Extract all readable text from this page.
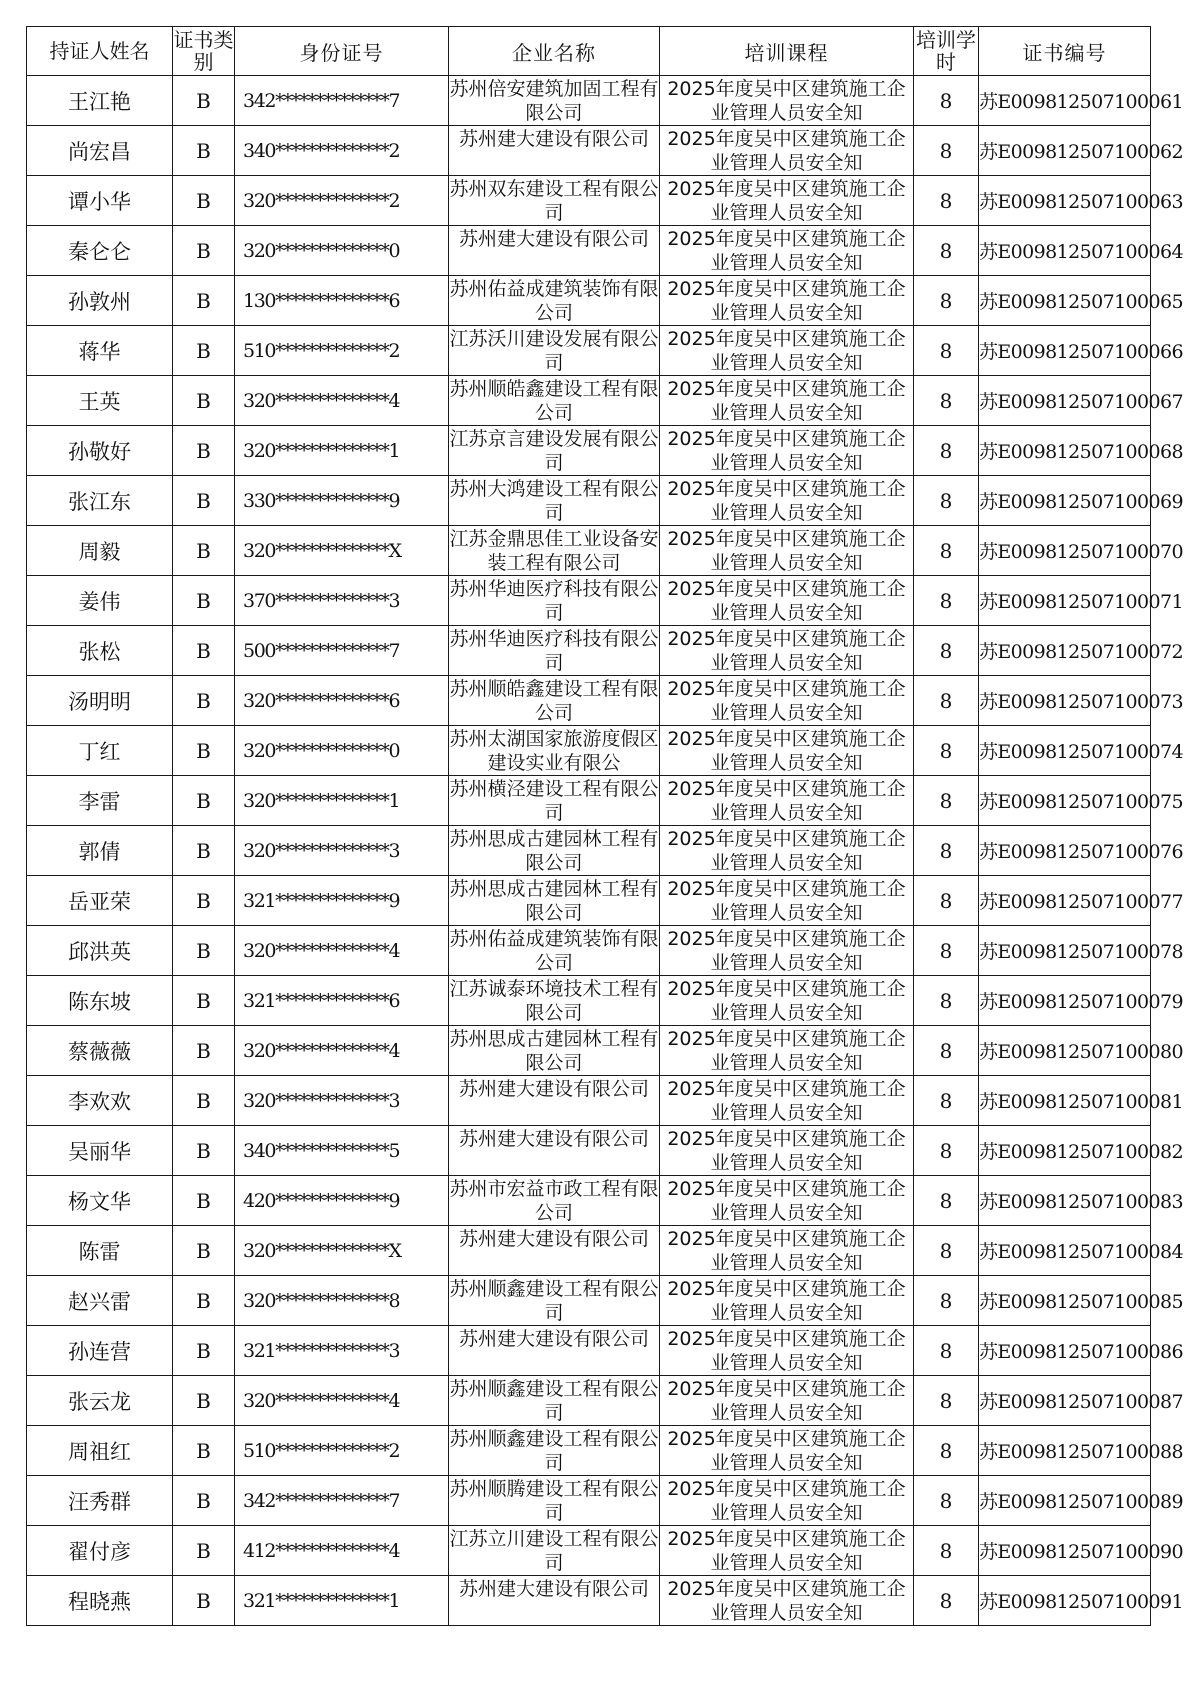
持证人姓名	证书类别	身份证号	企业名称	培训课程	培训学时	证书编号
王江艳	B	342**************7	苏州倍安建筑加固工程有限公司	2025年度吴中区建筑施工企业管理人员安全知	8	苏E009812507100061
尚宏昌	B	340**************2	苏州建大建设有限公司	2025年度吴中区建筑施工企业管理人员安全知	8	苏E009812507100062
谭小华	B	320**************2	苏州双东建设工程有限公司	2025年度吴中区建筑施工企业管理人员安全知	8	苏E009812507100063
秦仑仑	B	320**************0	苏州建大建设有限公司	2025年度吴中区建筑施工企业管理人员安全知	8	苏E009812507100064
孙敦州	B	130**************6	苏州佑益成建筑装饰有限公司	2025年度吴中区建筑施工企业管理人员安全知	8	苏E009812507100065
蒋华	B	510**************2	江苏沃川建设发展有限公司	2025年度吴中区建筑施工企业管理人员安全知	8	苏E009812507100066
王英	B	320**************4	苏州顺皓鑫建设工程有限公司	2025年度吴中区建筑施工企业管理人员安全知	8	苏E009812507100067
孙敬好	B	320**************1	江苏京言建设发展有限公司	2025年度吴中区建筑施工企业管理人员安全知	8	苏E009812507100068
张江东	B	330**************9	苏州大鸿建设工程有限公司	2025年度吴中区建筑施工企业管理人员安全知	8	苏E009812507100069
周毅	B	320**************X	江苏金鼎思佳工业设备安装工程有限公司	2025年度吴中区建筑施工企业管理人员安全知	8	苏E009812507100070
姜伟	B	370**************3	苏州华迪医疗科技有限公司	2025年度吴中区建筑施工企业管理人员安全知	8	苏E009812507100071
张松	B	500**************7	苏州华迪医疗科技有限公司	2025年度吴中区建筑施工企业管理人员安全知	8	苏E009812507100072
汤明明	B	320**************6	苏州顺皓鑫建设工程有限公司	2025年度吴中区建筑施工企业管理人员安全知	8	苏E009812507100073
丁红	B	320**************0	苏州太湖国家旅游度假区建设实业有限公	2025年度吴中区建筑施工企业管理人员安全知	8	苏E009812507100074
李雷	B	320**************1	苏州横泾建设工程有限公司	2025年度吴中区建筑施工企业管理人员安全知	8	苏E009812507100075
郭倩	B	320**************3	苏州思成古建园林工程有限公司	2025年度吴中区建筑施工企业管理人员安全知	8	苏E009812507100076
岳亚荣	B	321**************9	苏州思成古建园林工程有限公司	2025年度吴中区建筑施工企业管理人员安全知	8	苏E009812507100077
邱洪英	B	320**************4	苏州佑益成建筑装饰有限公司	2025年度吴中区建筑施工企业管理人员安全知	8	苏E009812507100078
陈东坡	B	321**************6	江苏诚泰环境技术工程有限公司	2025年度吴中区建筑施工企业管理人员安全知	8	苏E009812507100079
蔡薇薇	B	320**************4	苏州思成古建园林工程有限公司	2025年度吴中区建筑施工企业管理人员安全知	8	苏E009812507100080
李欢欢	B	320**************3	苏州建大建设有限公司	2025年度吴中区建筑施工企业管理人员安全知	8	苏E009812507100081
吴丽华	B	340**************5	苏州建大建设有限公司	2025年度吴中区建筑施工企业管理人员安全知	8	苏E009812507100082
杨文华	B	420**************9	苏州市宏益市政工程有限公司	2025年度吴中区建筑施工企业管理人员安全知	8	苏E009812507100083
陈雷	B	320**************X	苏州建大建设有限公司	2025年度吴中区建筑施工企业管理人员安全知	8	苏E009812507100084
赵兴雷	B	320**************8	苏州顺鑫建设工程有限公司	2025年度吴中区建筑施工企业管理人员安全知	8	苏E009812507100085
孙连营	B	321**************3	苏州建大建设有限公司	2025年度吴中区建筑施工企业管理人员安全知	8	苏E009812507100086
张云龙	B	320**************4	苏州顺鑫建设工程有限公司	2025年度吴中区建筑施工企业管理人员安全知	8	苏E009812507100087
周祖红	B	510**************2	苏州顺鑫建设工程有限公司	2025年度吴中区建筑施工企业管理人员安全知	8	苏E009812507100088
汪秀群	B	342**************7	苏州顺腾建设工程有限公司	2025年度吴中区建筑施工企业管理人员安全知	8	苏E009812507100089
翟付彦	B	412**************4	江苏立川建设工程有限公司	2025年度吴中区建筑施工企业管理人员安全知	8	苏E009812507100090
程晓燕	B	321**************1	苏州建大建设有限公司	2025年度吴中区建筑施工企业管理人员安全知	8	苏E009812507100091
